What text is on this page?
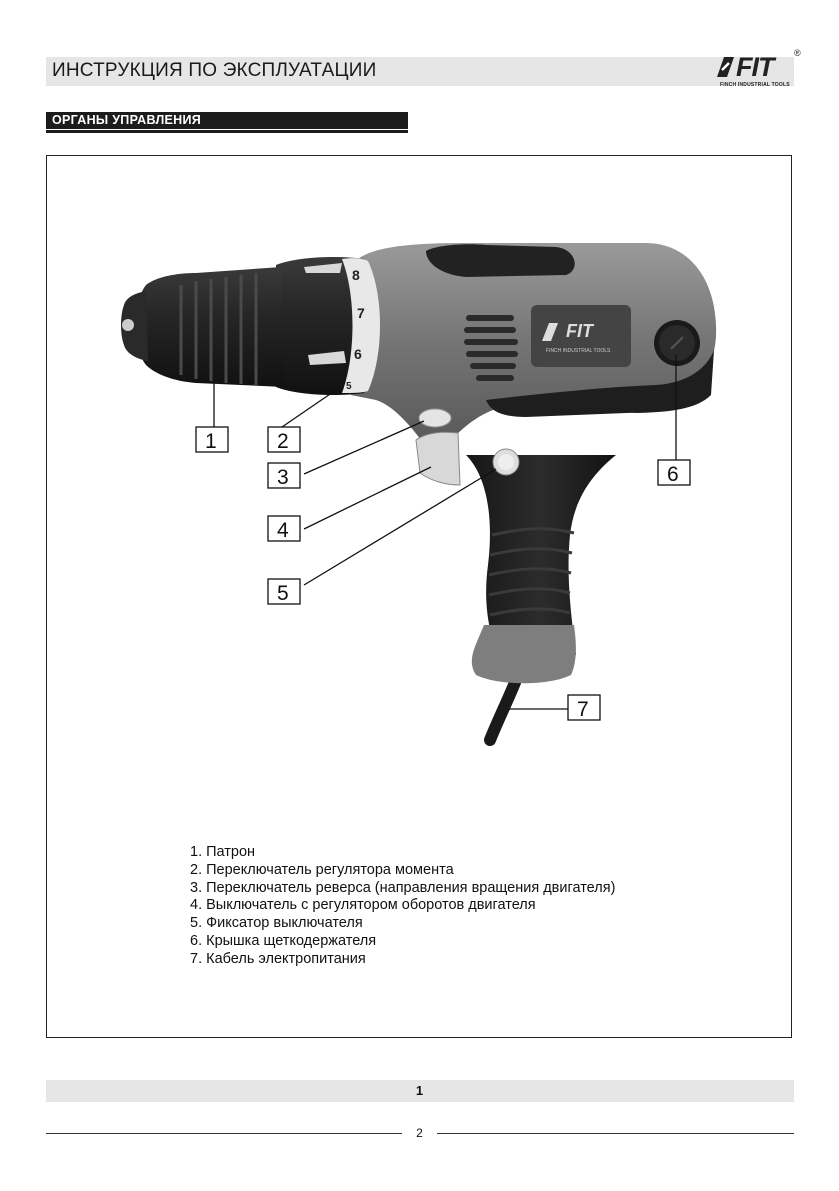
ИНСТРУКЦИЯ ПО ЭКСПЛУАТАЦИИ	FIT ®
FINCH INDUSTRIAL TOOLS
ОРГАНЫ УПРАВЛЕНИЯ
FIT
FINCH INDUSTRIAL TOOLS
8
7
6
5
1	2
3
4
5
6
7
1. Патрон
2. Переключатель регулятора момента
3. Переключатель реверса (направления вращения двигателя)
4. Выключатель с регулятором оборотов двигателя
5. Фиксатор выключателя
6. Крышка щеткодержателя
7. Кабель электропитания
1
2
